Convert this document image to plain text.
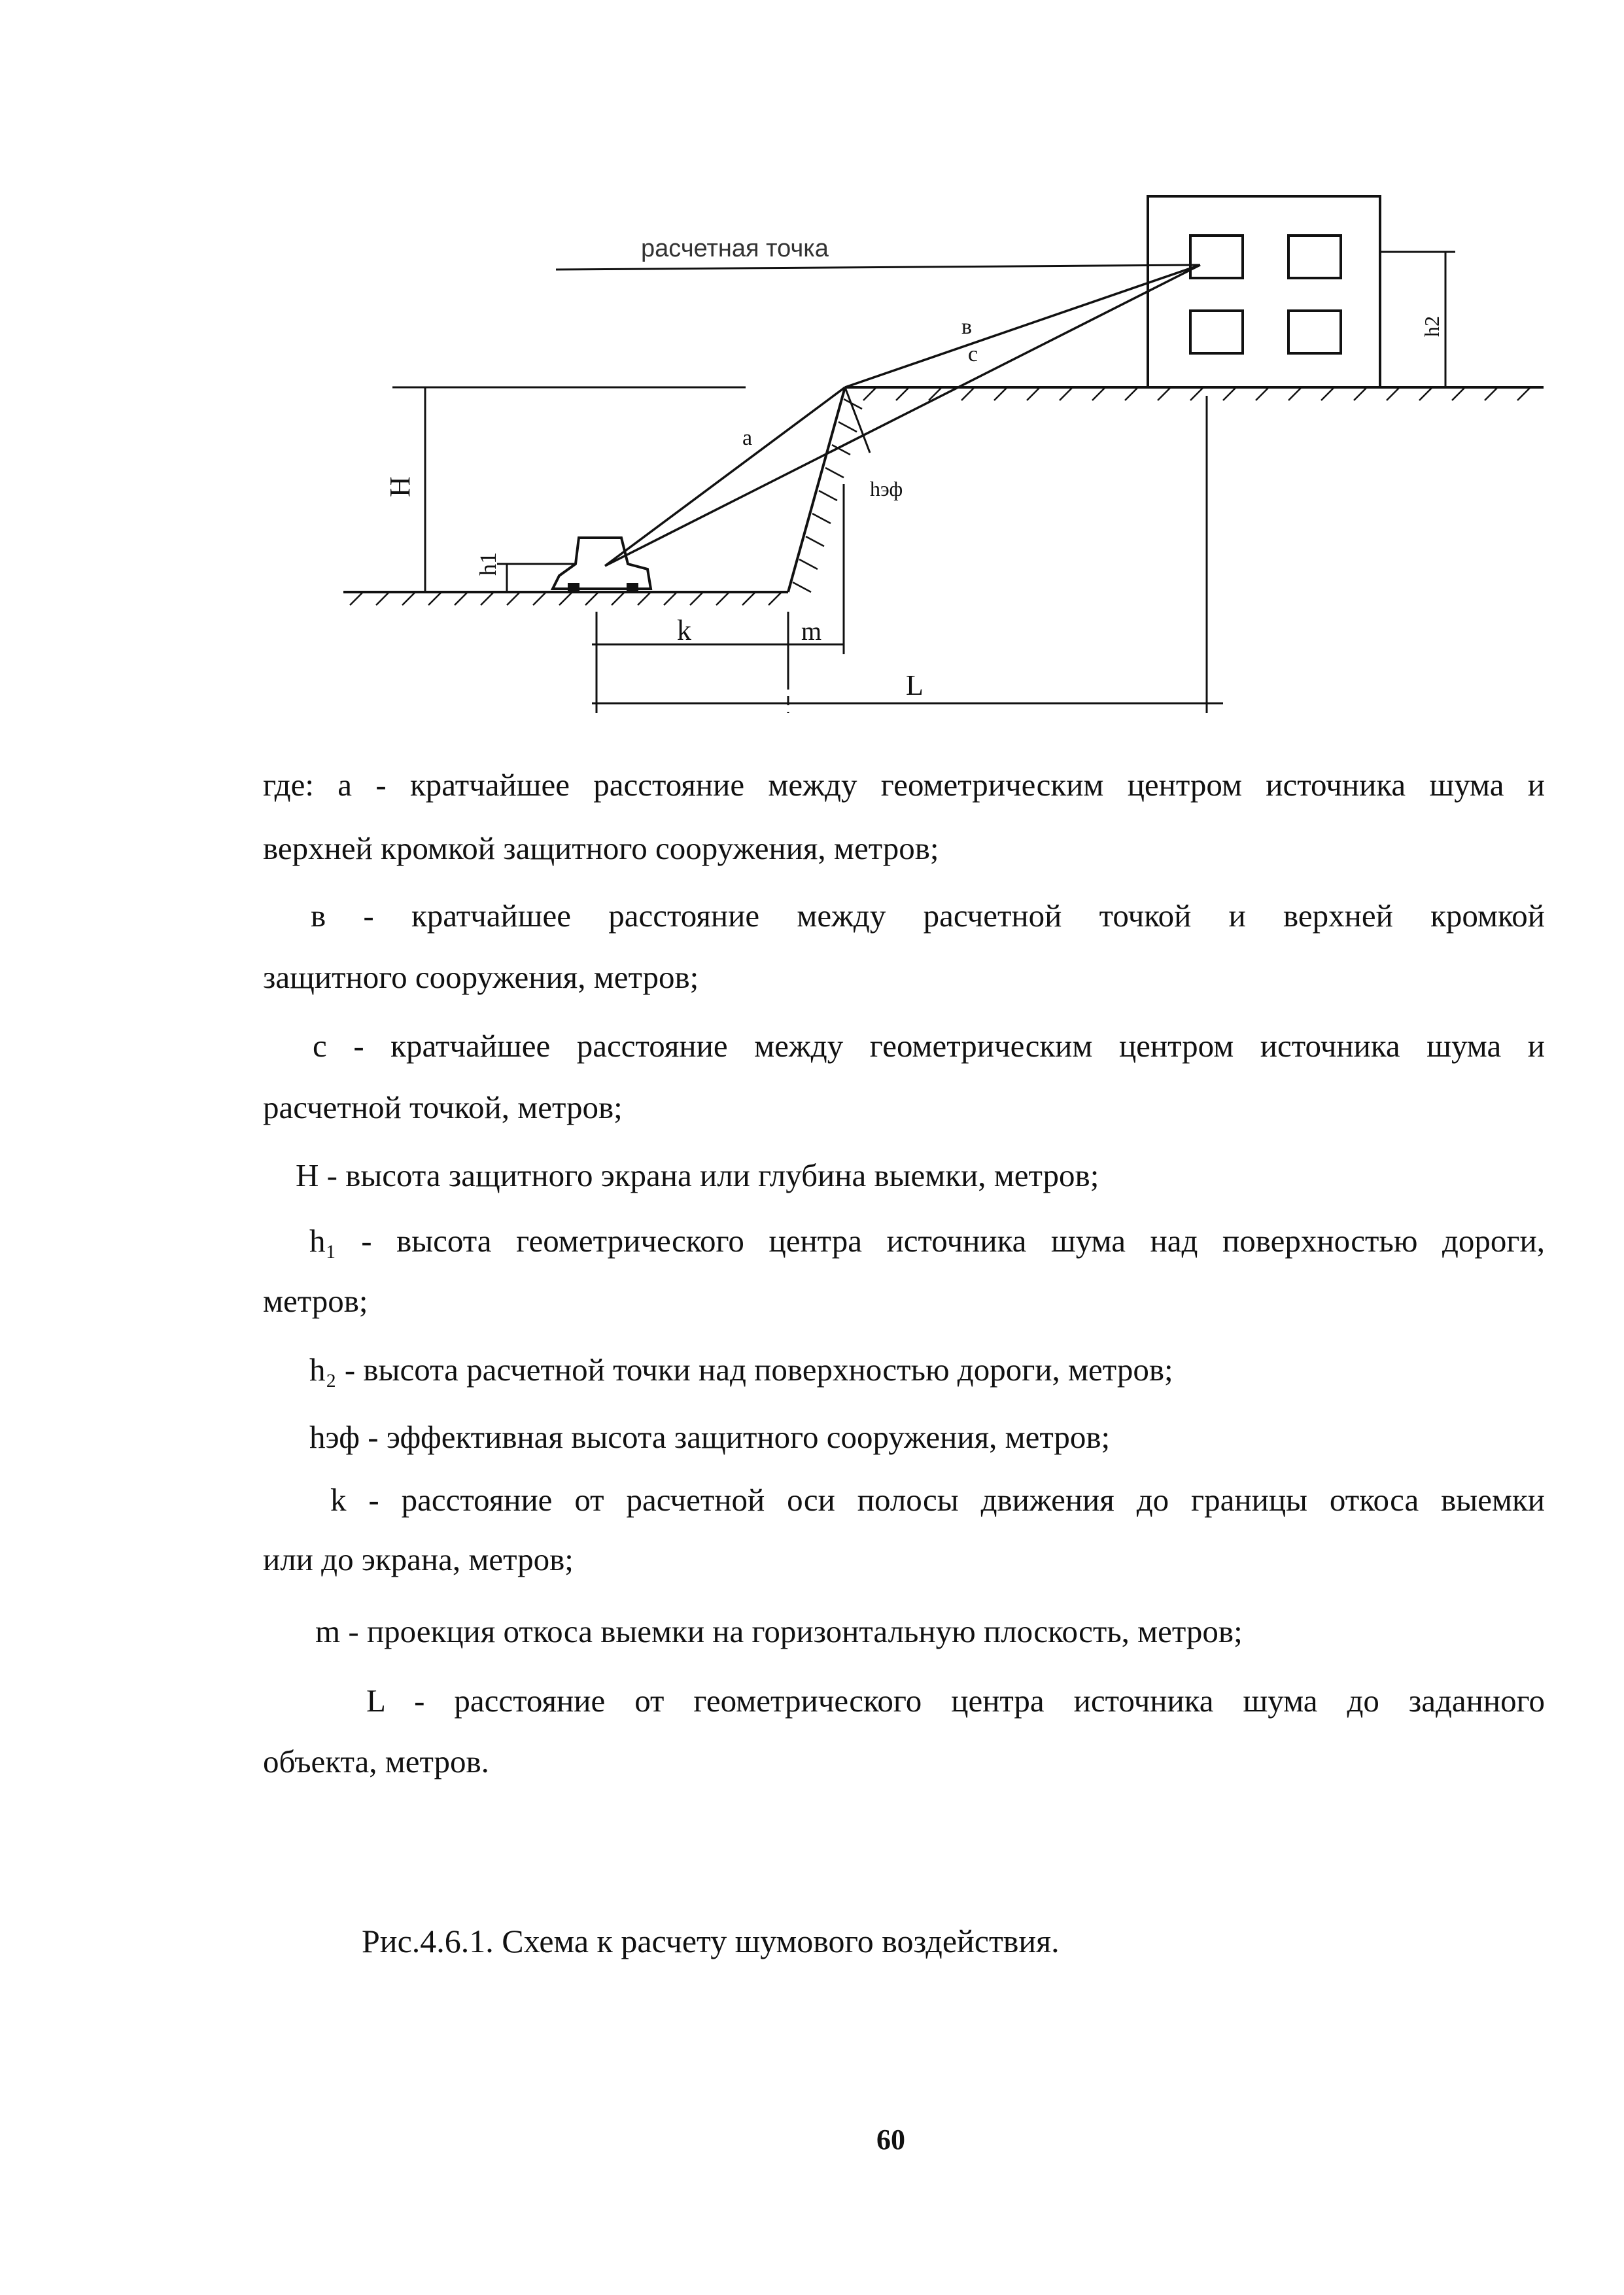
расчетная точка
H
h1
h2
hэф
a
в
c
k	m
L

где: а - кратчайшее расстояние между геометрическим центром источника шума и

верхней кромкой защитного сооружения, метров;

в - кратчайшее расстояние между расчетной точкой и верхней кромкой

защитного сооружения, метров;

с - кратчайшее расстояние между геометрическим центром источника шума и

расчетной точкой, метров;

Н - высота защитного экрана или глубина выемки, метров;

h₁ - высота геометрического центра источника шума над поверхностью дороги,

метров;

h₂ - высота расчетной точки над поверхностью дороги, метров;

hэф - эффективная высота защитного сооружения, метров;

k - расстояние от расчетной оси полосы движения до границы откоса выемки

или до экрана, метров;

m - проекция откоса выемки на горизонтальную плоскость, метров;

L - расстояние от геометрического центра источника шума до заданного

объекта, метров.

Рис.4.6.1. Схема к расчету шумового воздействия.

60
